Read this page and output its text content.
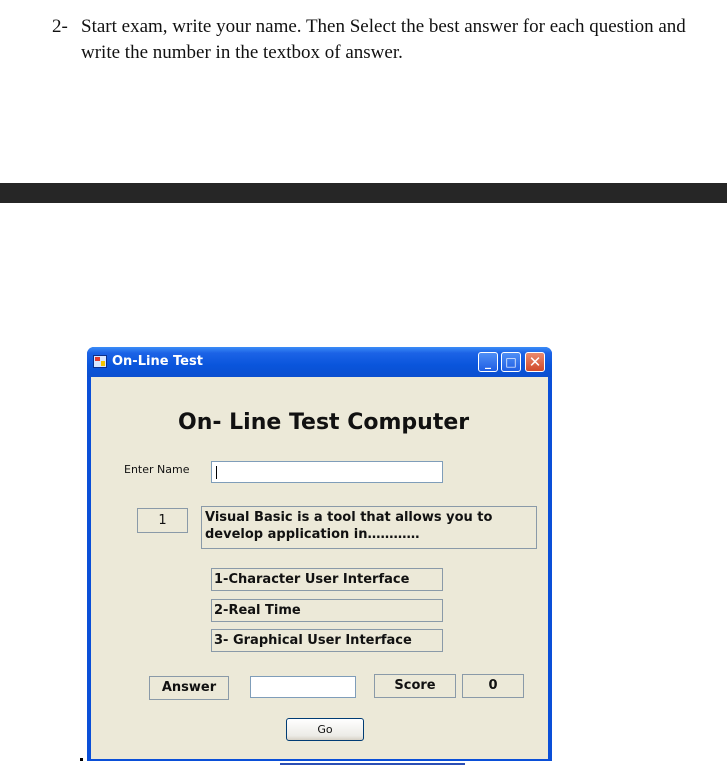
2- Start exam, write your name. Then Select the best answer for each question and write the number in the textbox of answer.
On-Line Test	_	□ ✕
On- Line Test Computer
Enter Name
1	Visual Basic is a tool that allows you to develop application in…………
1-Character User Interface
2-Real Time
3- Graphical User Interface
Answer	Score	0
Go
